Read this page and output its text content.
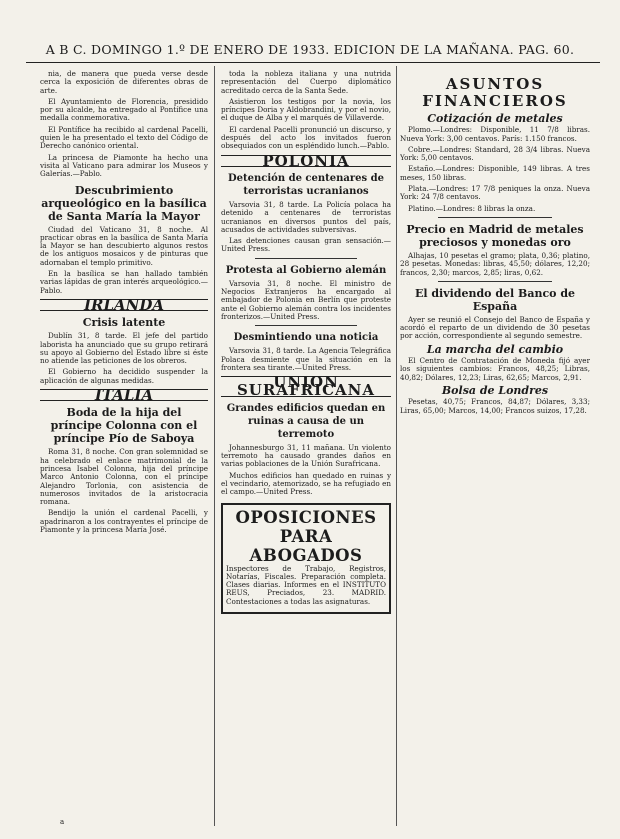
A B C. DOMINGO 1.º DE ENERO DE 1933. EDICION DE LA MAÑANA. PAG. 60.

nia, de manera que pueda verse desde cerca la exposición de diferentes obras de arte.

El Ayuntamiento de Florencia, presidido por su alcalde, ha entregado al Pontífice una medalla conmemorativa.

El Pontífice ha recibido al cardenal Pacelli, quien le ha presentado el texto del Código de Derecho canónico oriental.

La princesa de Piamonte ha hecho una visita al Vaticano para admirar los Museos y Galerías.—Pablo.

Descubrimiento arqueológico en la basílica de Santa María la Mayor

Ciudad del Vaticano 31, 8 noche. Al practicar obras en la basílica de Santa María la Mayor se han descubierto algunos restos de los antiguos mosaicos y de pinturas que adornaban el templo primitivo.

En la basílica se han hallado también varias lápidas de gran interés arqueológico.—Pablo.

IRLANDA
Crisis latente

Dublín 31, 8 tarde. El jefe del partido laborista ha anunciado que su grupo retirará su apoyo al Gobierno del Estado libre si éste no atiende las peticiones de los obreros.

El Gobierno ha decidido suspender la aplicación de algunas medidas.

ITALIA
Boda de la hija del príncipe Colonna con el príncipe Pío de Saboya

Roma 31, 8 noche. Con gran solemnidad se ha celebrado el enlace matrimonial de la princesa Isabel Colonna, hija del príncipe Marco Antonio Colonna, con el príncipe Alejandro Torlonia, con asistencia de numerosos invitados de la aristocracia romana.

Bendijo la unión el cardenal Pacelli, y apadrinaron a los contrayentes el príncipe de Piamonte y la princesa María José.

toda la nobleza italiana y una nutrida representación del Cuerpo diplomático acreditado cerca de la Santa Sede.

Asistieron los testigos por la novia, los príncipes Doria y Aldobrandini, y por el novio, el duque de Alba y el marqués de Villaverde.

El cardenal Pacelli pronunció un discurso, y después del acto los invitados fueron obsequiados con un espléndido lunch.—Pablo.

POLONIA
Detención de centenares de terroristas ucranianos

Varsovia 31, 8 tarde. La Policía polaca ha detenido a centenares de terroristas ucranianos en diversos puntos del país, acusados de actividades subversivas.

Las detenciones causan gran sensación.—United Press.

Protesta al Gobierno alemán

Varsovia 31, 8 noche. El ministro de Negocios Extranjeros ha encargado al embajador de Polonia en Berlín que proteste ante el Gobierno alemán contra los incidentes fronterizos.—United Press.

Desmintiendo una noticia

Varsovia 31, 8 tarde. La Agencia Telegráfica Polaca desmiente que la situación en la frontera sea tirante.—United Press.

UNION SURAFRICANA
Grandes edificios quedan en ruinas a causa de un terremoto

Johannesburgo 31, 11 mañana. Un violento terremoto ha causado grandes daños en varias poblaciones de la Unión Surafricana.

Muchos edificios han quedado en ruinas y el vecindario, atemorizado, se ha refugiado en el campo.—United Press.

OPOSICIONES PARA ABOGADOS

Inspectores de Trabajo, Registros, Notarías, Fiscales. Preparación completa. Clases diarias. Informes en el INSTITUTO REUS, Preciados, 23. MADRID. Contestaciones a todas las asignaturas.

ASUNTOS FINANCIEROS
Cotización de metales

Plomo.—Londres: Disponible, 11 7/8 libras. Nueva York: 3,00 centavos. París: 1.150 francos.

Cobre.—Londres: Standard, 28 3/4 libras. Nueva York: 5,00 centavos.

Estaño.—Londres: Disponible, 149 libras. A tres meses, 150 libras.

Plata.—Londres: 17 7/8 peniques la onza. Nueva York: 24 7/8 centavos.

Platino.—Londres: 8 libras la onza.

Precio en Madrid de metales preciosos y monedas oro

Alhajas, 10 pesetas el gramo; plata, 0,36; platino, 28 pesetas. Monedas: libras, 45,50; dólares, 12,20; francos, 2,30; marcos, 2,85; liras, 0,62.

El dividendo del Banco de España

Ayer se reunió el Consejo del Banco de España y acordó el reparto de un dividendo de 30 pesetas por acción, correspondiente al segundo semestre.

La marcha del cambio

El Centro de Contratación de Moneda fijó ayer los siguientes cambios: Francos, 48,25; Libras, 40,82; Dólares, 12,23; Liras, 62,65; Marcos, 2,91.

Bolsa de Londres

Pesetas, 40,75; Francos, 84,87; Dólares, 3,33; Liras, 65,00; Marcos, 14,00; Francos suizos, 17,28.

a
